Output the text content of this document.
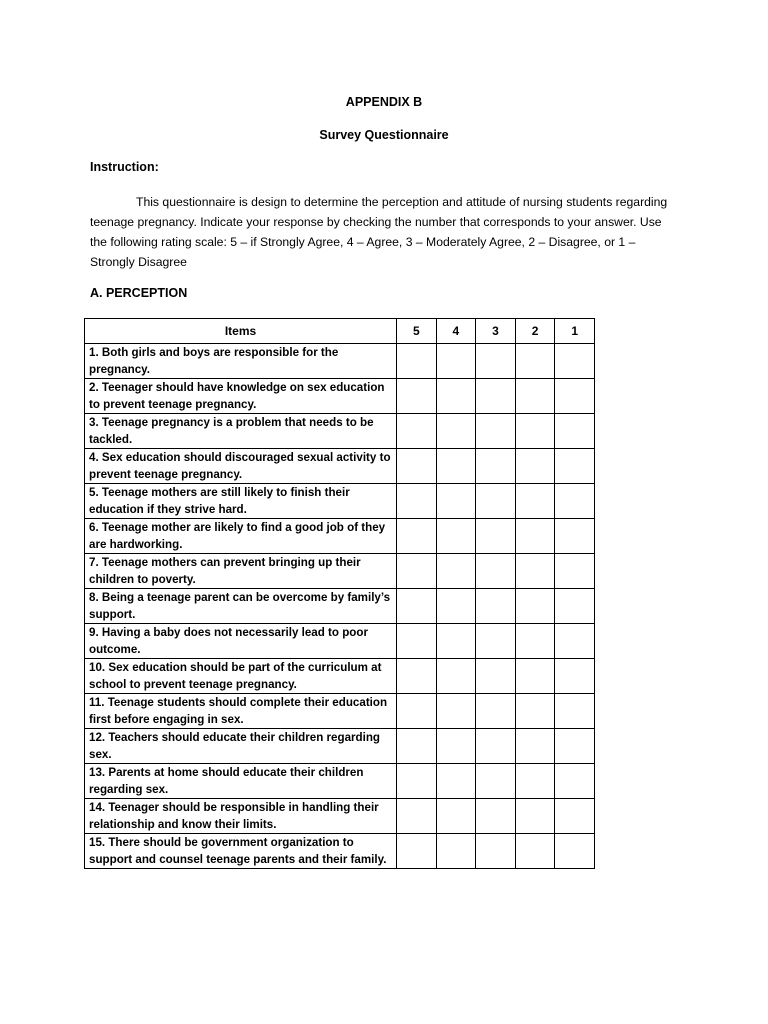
APPENDIX B
Survey Questionnaire
Instruction:
This questionnaire is design to determine the perception and attitude of nursing students regarding teenage pregnancy. Indicate your response by checking the number that corresponds to your answer. Use the following rating scale: 5 – if Strongly Agree, 4 – Agree, 3 – Moderately Agree, 2 – Disagree, or 1 – Strongly Disagree
A. PERCEPTION
Items	5	4	3	2	1
1. Both girls and boys are responsible for the pregnancy.					
2. Teenager should have knowledge on sex education to prevent teenage pregnancy.					
3. Teenage pregnancy is a problem that needs to be tackled.					
4. Sex education should discouraged sexual activity to prevent teenage pregnancy.					
5. Teenage mothers are still likely to finish their education if they strive hard.					
6. Teenage mother are likely to find a good job of they are hardworking.					
7. Teenage mothers can prevent bringing up their children to poverty.					
8. Being a teenage parent can be overcome by family’s support.					
9. Having a baby does not necessarily lead to poor outcome.					
10. Sex education should be part of the curriculum at school to prevent teenage pregnancy.					
11. Teenage students should complete their education first before engaging in sex.					
12. Teachers should educate their children regarding sex.					
13. Parents at home should educate their children regarding sex.					
14. Teenager should be responsible in handling their relationship and know their limits.					
15. There should be government organization to support and counsel teenage parents and their family.					
